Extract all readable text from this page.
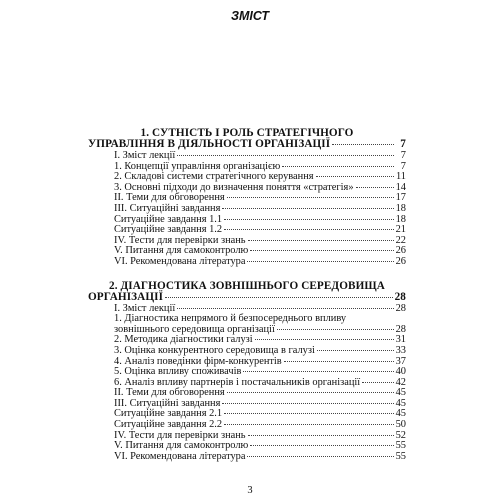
ЗМІСТ
1. СУТНІСТЬ І РОЛЬ СТРАТЕГІЧНОГО
УПРАВЛІННЯ В ДІЯЛЬНОСТІ ОРГАНІЗАЦІЇ	7
I. Зміст лекції	7
1. Концепції управління організацією	7
2. Складові системи стратегічного керування	11
3. Основні підходи до визначення поняття «стратегія»	14
II. Теми для обговорення	17
III. Ситуаційні завдання	18
Ситуаційне завдання 1.1	18
Ситуаційне завдання 1.2	21
IV. Тести для перевірки знань	22
V. Питання для самоконтролю	26
VI. Рекомендована література	26
2. ДІАГНОСТИКА ЗОВНІШНЬОГО СЕРЕДОВИЩА
ОРГАНІЗАЦІЇ	28
I. Зміст лекції	28
1. Діагностика непрямого й безпосереднього впливу
зовнішнього середовища організації	28
2. Методика діагностики галузі	31
3. Оцінка конкурентного середовища в галузі	33
4. Аналіз поведінки фірм-конкурентів	37
5. Оцінка впливу споживачів	40
6. Аналіз впливу партнерів і постачальників організації	42
II. Теми для обговорення	45
III. Ситуаційні завдання	45
Ситуаційне завдання 2.1	45
Ситуаційне завдання 2.2	50
IV. Тести для перевірки знань	52
V. Питання для самоконтролю	55
VI. Рекомендована література	55
3
